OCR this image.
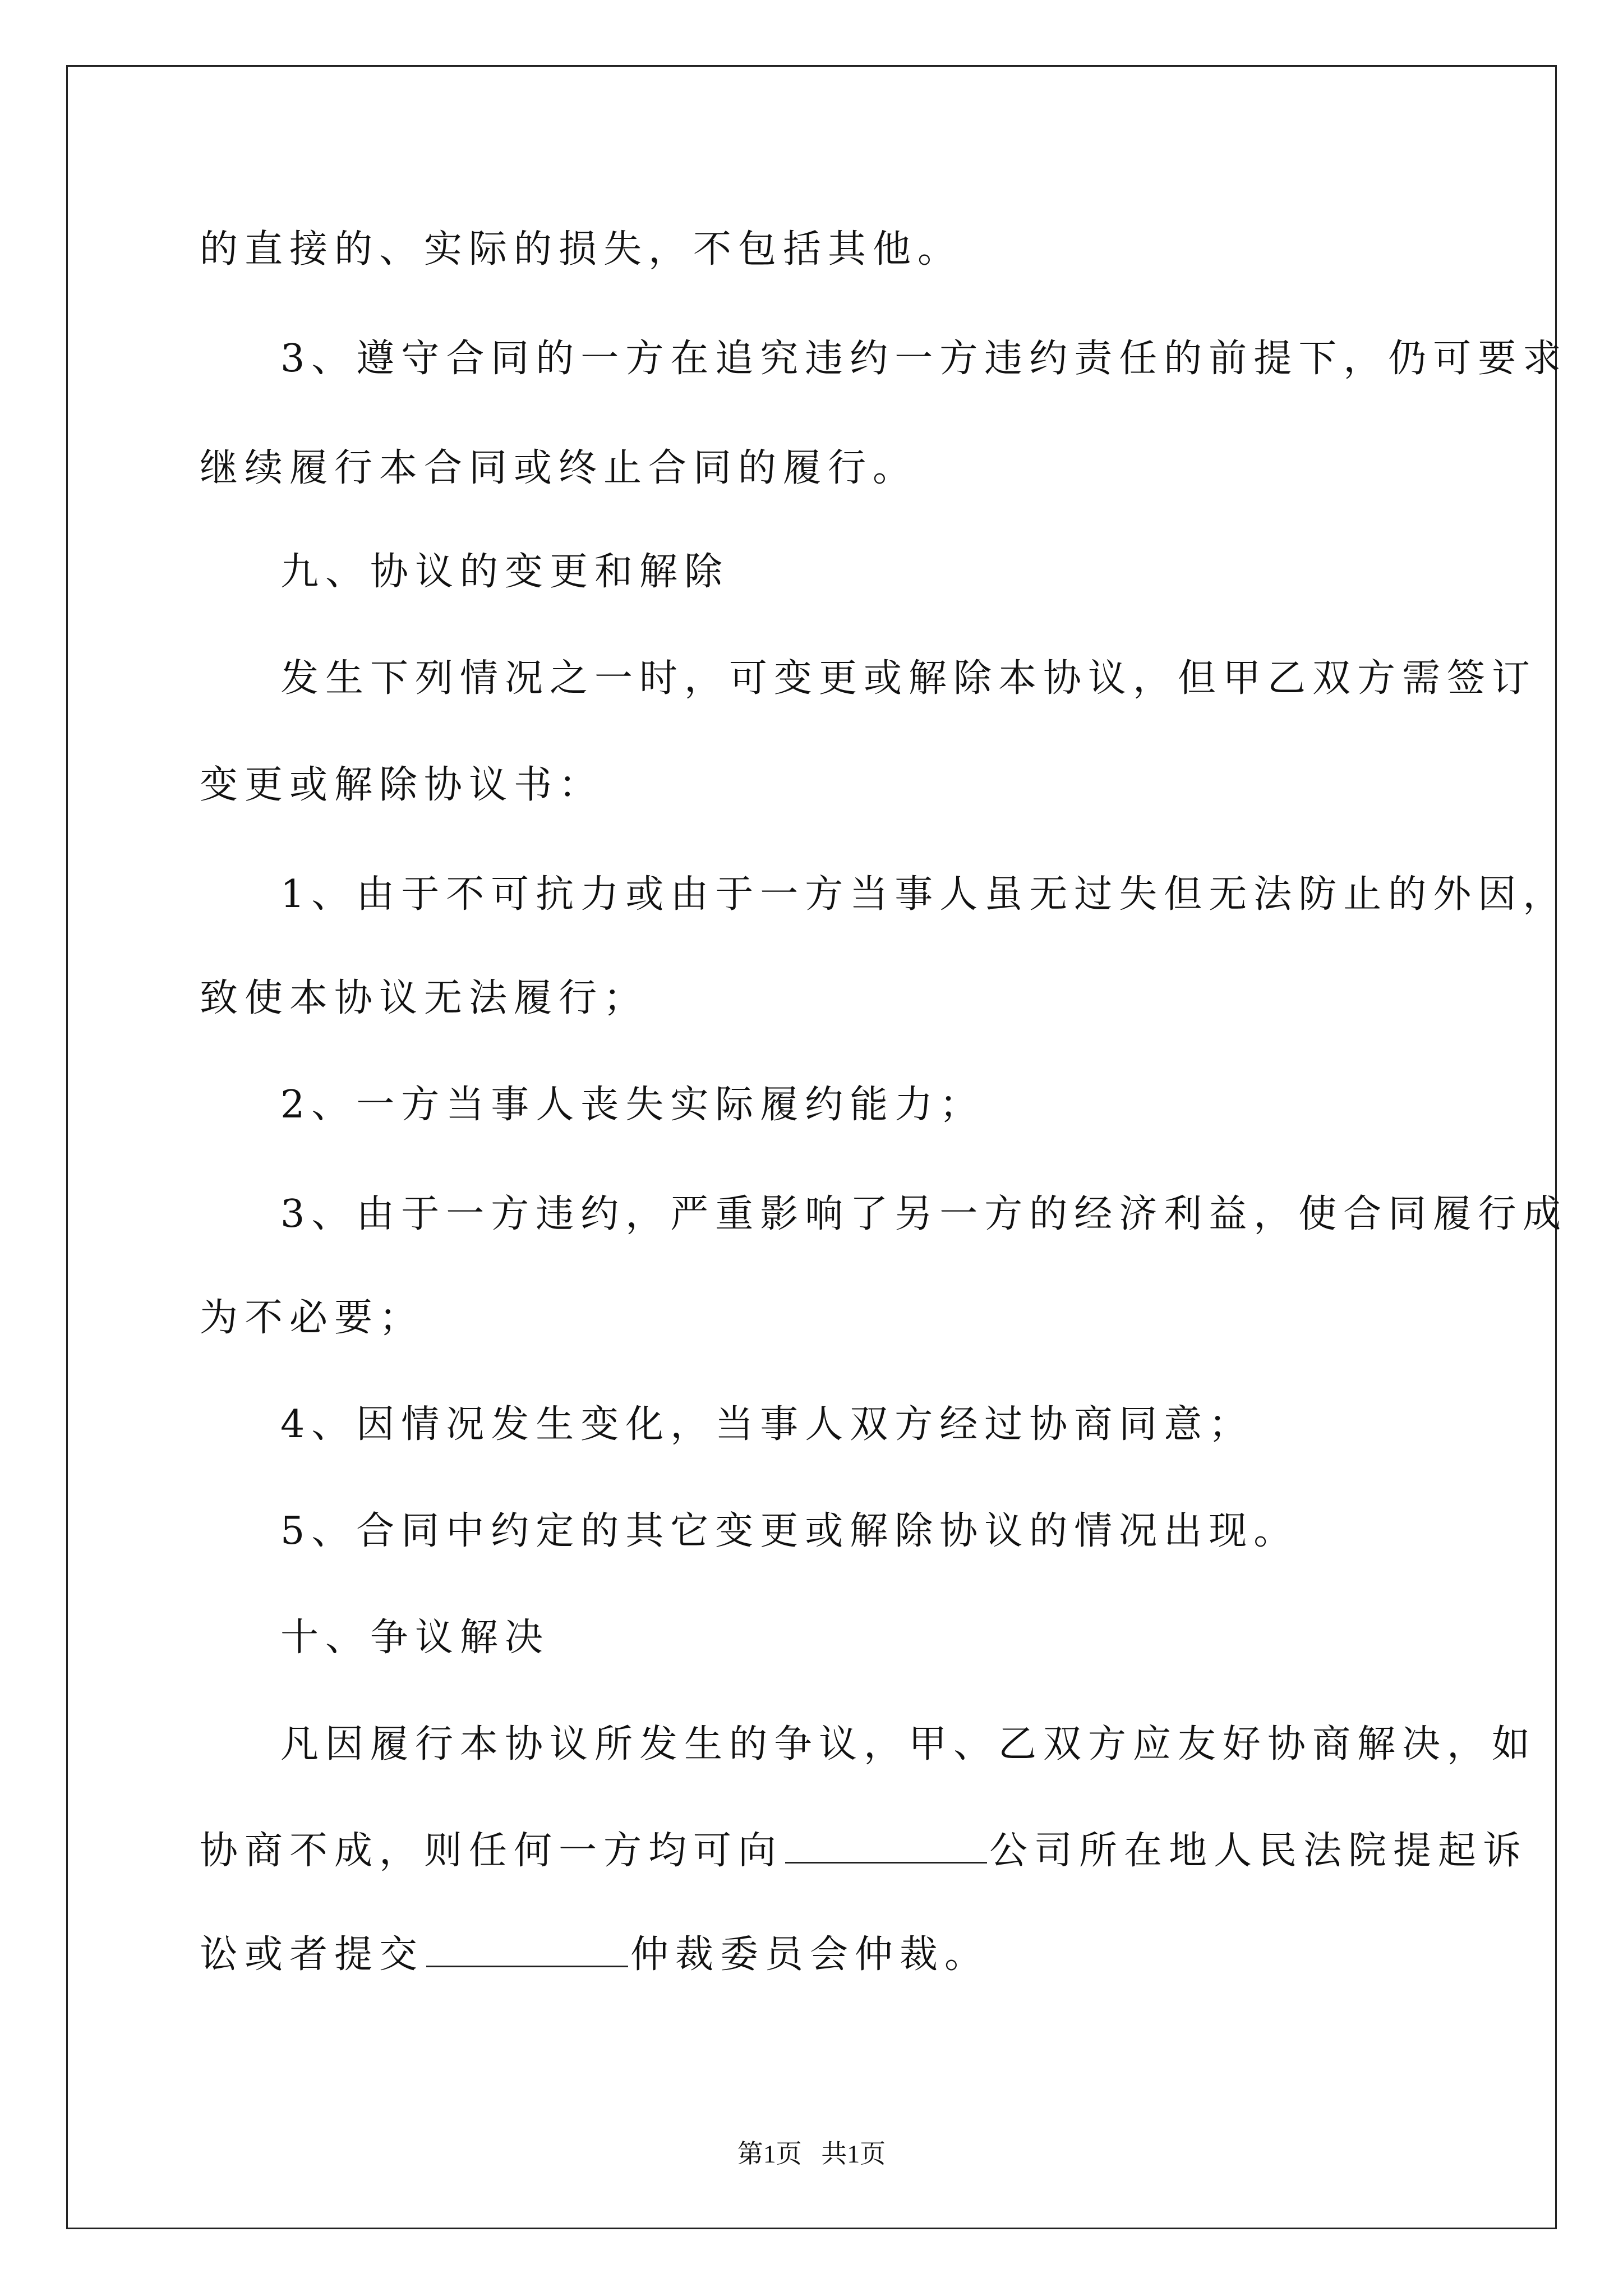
的直接的、实际的损失，不包括其他。
3、遵守合同的一方在追究违约一方违约责任的前提下，仍可要求
继续履行本合同或终止合同的履行。
九、协议的变更和解除
发生下列情况之一时，可变更或解除本协议，但甲乙双方需签订
变更或解除协议书：
1、由于不可抗力或由于一方当事人虽无过失但无法防止的外因，
致使本协议无法履行；
2、一方当事人丧失实际履约能力；
3、由于一方违约，严重影响了另一方的经济利益，使合同履行成
为不必要；
4、因情况发生变化，当事人双方经过协商同意；
5、合同中约定的其它变更或解除协议的情况出现。
十、争议解决
凡因履行本协议所发生的争议，甲、乙双方应友好协商解决，如
协商不成，则任何一方均可向	公司所在地人民法院提起诉
讼或者提交	仲裁委员会仲裁。
第1页   共1页
